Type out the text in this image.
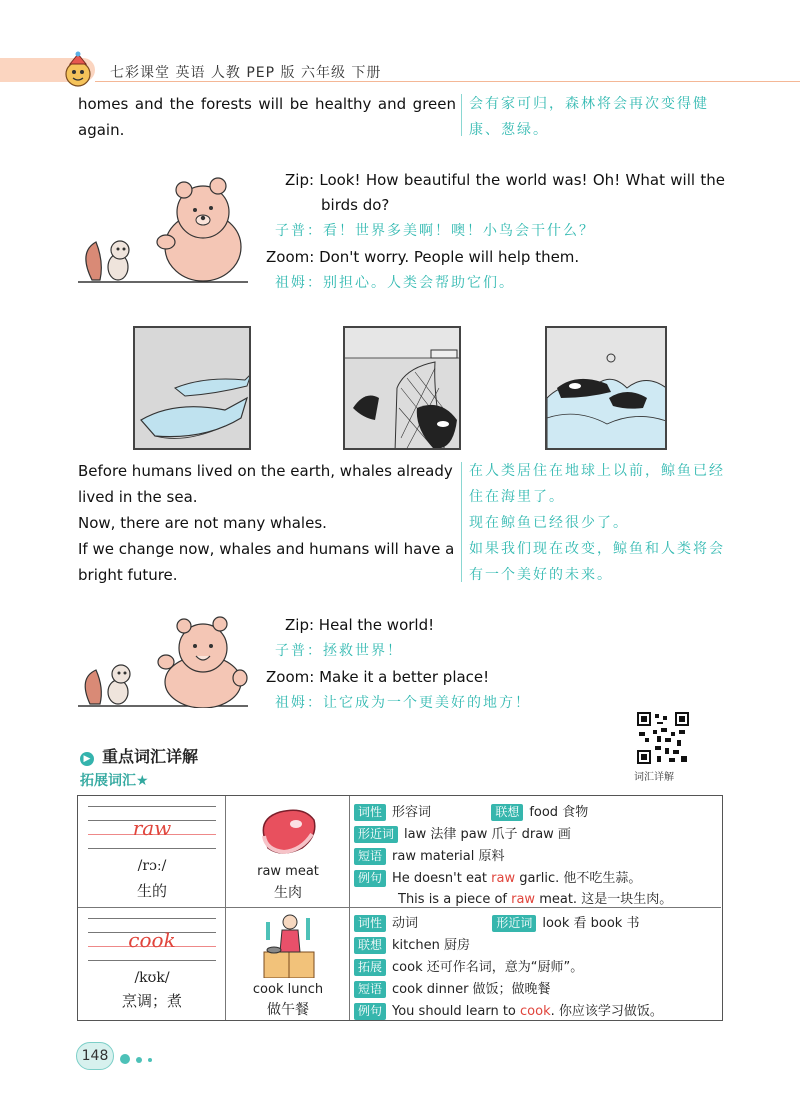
七彩课堂 英语 人教 PEP 版 六年级 下册
homes and the forests will be healthy and green
again.
会有家可归，森林将会再次变得健
康、葱绿。
Zip: Look! How beautiful the world was! Oh! What will the
birds do?
子普：看！世界多美啊！噢！小鸟会干什么？
Zoom: Don't worry. People will help them.
祖姆：别担心。人类会帮助它们。
Before humans lived on the earth, whales already
lived in the sea.
Now, there are not many whales.
If we change now, whales and humans will have a
bright future.
在人类居住在地球上以前，鲸鱼已经
住在海里了。
现在鲸鱼已经很少了。
如果我们现在改变，鲸鱼和人类将会
有一个美好的未来。
Zip: Heal the world!
子普：拯救世界！
Zoom: Make it a better place!
祖姆：让它成为一个更美好的地方！
▶ 重点词汇详解
拓展词汇★	词汇详解
raw
/rɔː/
生的
raw meat
生肉
词性 形容词	联想 food 食物
形近词 law 法律 paw 爪子 draw 画
短语 raw material 原料
例句 He doesn't eat raw garlic. 他不吃生蒜。
This is a piece of raw meat. 这是一块生肉。
cook
/kʊk/
烹调；煮
cook lunch
做午餐
词性 动词	形近词 look 看 book 书
联想 kitchen 厨房
拓展 cook 还可作名词，意为“厨师”。
短语 cook dinner 做饭；做晚餐
例句 You should learn to cook. 你应该学习做饭。
148
